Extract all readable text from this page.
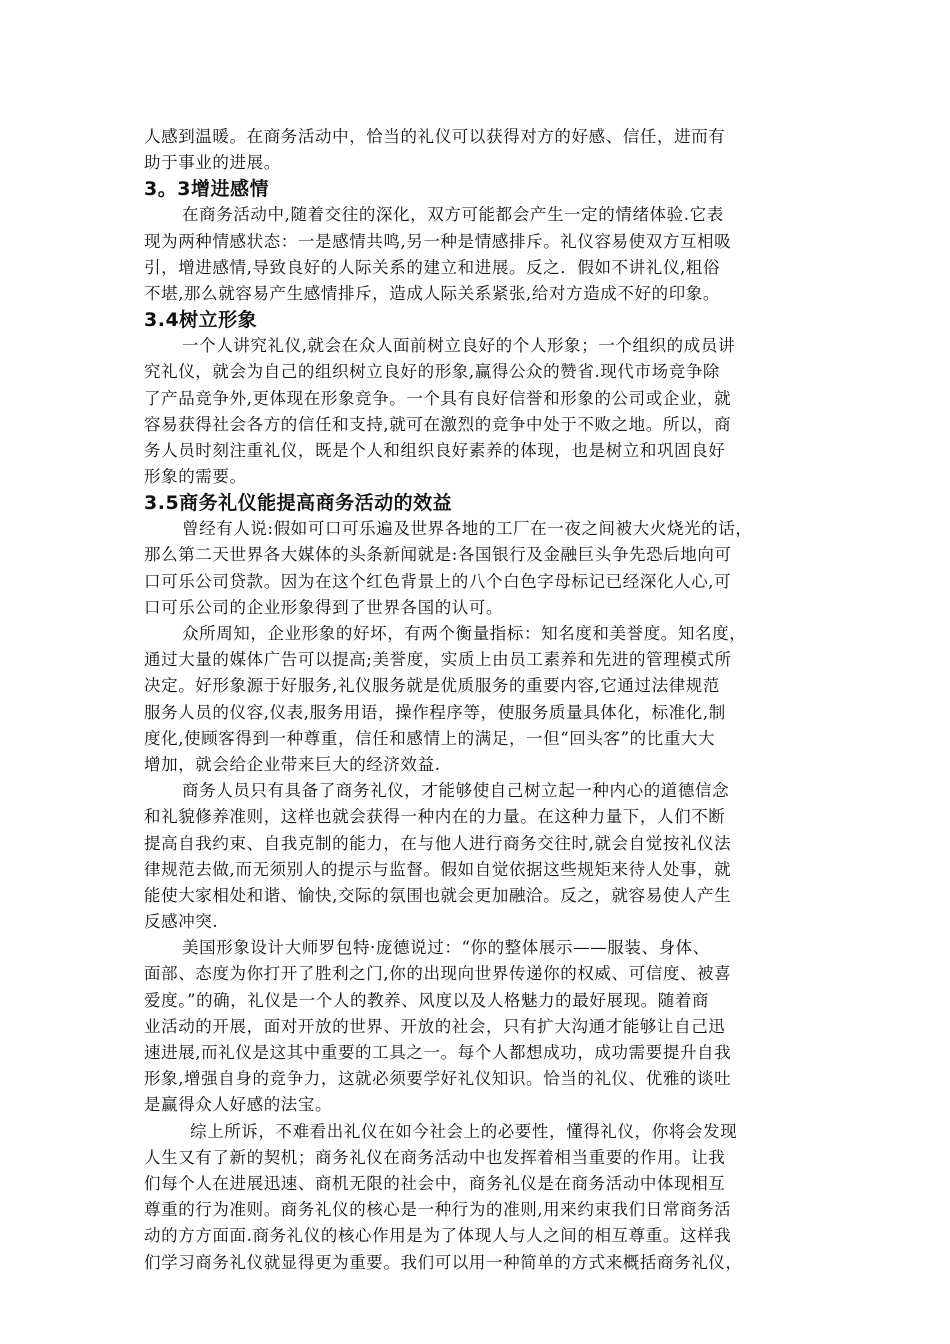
人感到温暖。在商务活动中，恰当的礼仪可以获得对方的好感、信任，进而有
助于事业的进展。
3。3增进感情
在商务活动中,随着交往的深化，双方可能都会产生一定的情绪体验.它表
现为两种情感状态：一是感情共鸣,另一种是情感排斥。礼仪容易使双方互相吸
引，增进感情,导致良好的人际关系的建立和进展。反之．假如不讲礼仪,粗俗
不堪,那么就容易产生感情排斥，造成人际关系紧张,给对方造成不好的印象。
3.4树立形象
一个人讲究礼仪,就会在众人面前树立良好的个人形象；一个组织的成员讲
究礼仪，就会为自己的组织树立良好的形象,赢得公众的赞省.现代市场竞争除
了产品竞争外,更体现在形象竞争。一个具有良好信誉和形象的公司或企业，就
容易获得社会各方的信任和支持,就可在激烈的竞争中处于不败之地。所以，商
务人员时刻注重礼仪，既是个人和组织良好素养的体现，也是树立和巩固良好
形象的需要。
3.5商务礼仪能提高商务活动的效益
曾经有人说:假如可口可乐遍及世界各地的工厂在一夜之间被大火烧光的话，
那么第二天世界各大媒体的头条新闻就是:各国银行及金融巨头争先恐后地向可
口可乐公司贷款。因为在这个红色背景上的八个白色字母标记已经深化人心,可
口可乐公司的企业形象得到了世界各国的认可。
众所周知，企业形象的好坏，有两个衡量指标：知名度和美誉度。知名度，
通过大量的媒体广告可以提高;美誉度，实质上由员工素养和先进的管理模式所
决定。好形象源于好服务,礼仪服务就是优质服务的重要内容,它通过法律规范
服务人员的仪容,仪表,服务用语，操作程序等，使服务质量具体化，标准化,制
度化,使顾客得到一种尊重，信任和感情上的满足，一但“回头客”的比重大大
增加，就会给企业带来巨大的经济效益.
商务人员只有具备了商务礼仪，才能够使自己树立起一种内心的道德信念
和礼貌修养准则，这样也就会获得一种内在的力量。在这种力量下，人们不断
提高自我约束、自我克制的能力，在与他人进行商务交往时,就会自觉按礼仪法
律规范去做,而无须别人的提示与监督。假如自觉依据这些规矩来待人处事，就
能使大家相处和谐、愉快,交际的氛围也就会更加融洽。反之，就容易使人产生
反感冲突.
美国形象设计大师罗包特·庞德说过：“你的整体展示——服装、身体、
面部、态度为你打开了胜利之门,你的出现向世界传递你的权威、可信度、被喜
爱度。”的确，礼仪是一个人的教养、风度以及人格魅力的最好展现。随着商
业活动的开展，面对开放的世界、开放的社会，只有扩大沟通才能够让自己迅
速进展,而礼仪是这其中重要的工具之一。每个人都想成功，成功需要提升自我
形象,增强自身的竞争力，这就必须要学好礼仪知识。恰当的礼仪、优雅的谈吐
是赢得众人好感的法宝。
综上所诉，不难看出礼仪在如今社会上的必要性，懂得礼仪，你将会发现
人生又有了新的契机；商务礼仪在商务活动中也发挥着相当重要的作用。让我
们每个人在进展迅速、商机无限的社会中，商务礼仪是在商务活动中体现相互
尊重的行为准则。商务礼仪的核心是一种行为的准则,用来约束我们日常商务活
动的方方面面.商务礼仪的核心作用是为了体现人与人之间的相互尊重。这样我
们学习商务礼仪就显得更为重要。我们可以用一种简单的方式来概括商务礼仪，
